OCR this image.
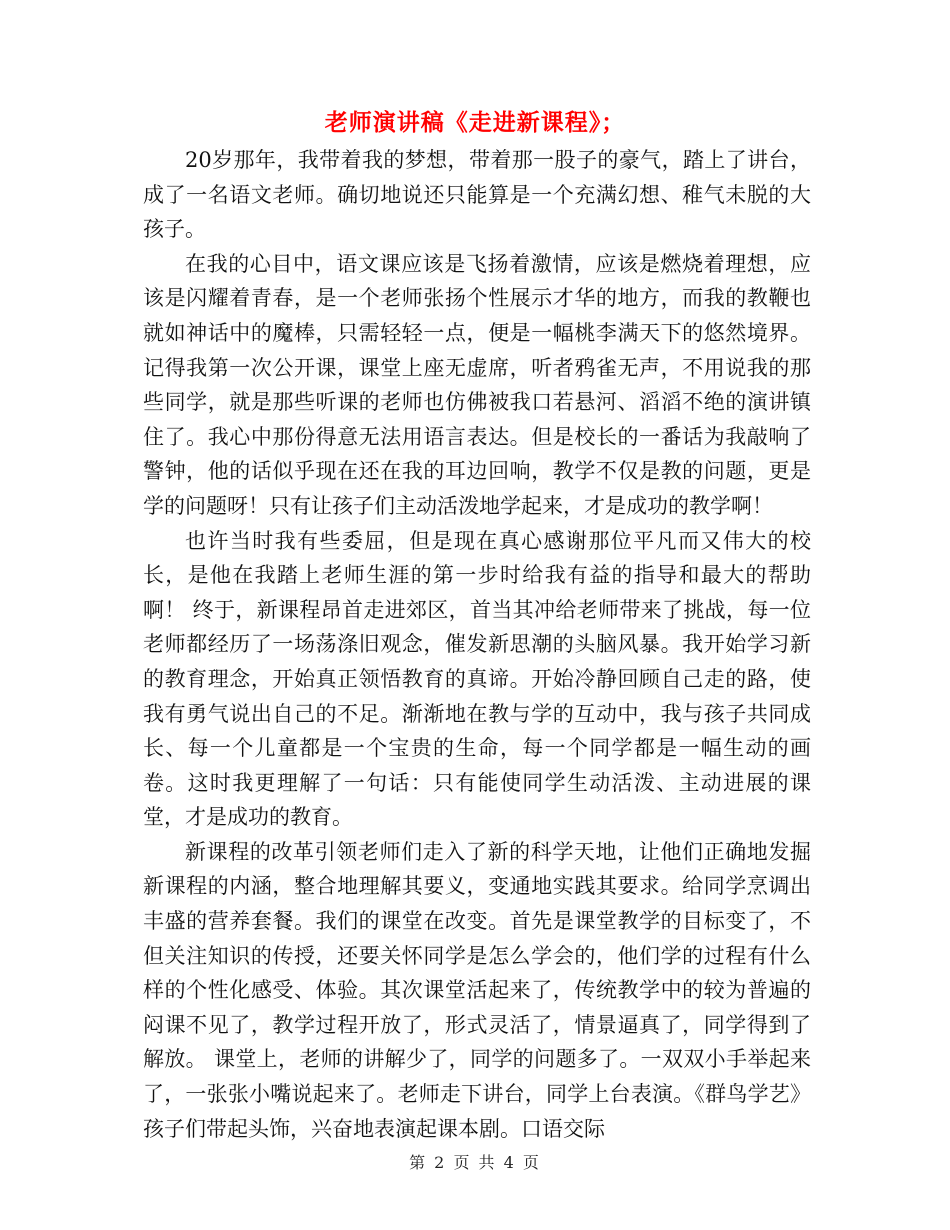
老师演讲稿《走进新课程》；

20岁那年，我带着我的梦想，带着那一股子的豪气，踏上了讲台，成了一名语文老师。确切地说还只能算是一个充满幻想、稚气未脱的大孩子。

在我的心目中，语文课应该是飞扬着激情，应该是燃烧着理想，应该是闪耀着青春，是一个老师张扬个性展示才华的地方，而我的教鞭也就如神话中的魔棒，只需轻轻一点，便是一幅桃李满天下的悠然境界。 记得我第一次公开课，课堂上座无虚席，听者鸦雀无声，不用说我的那些同学，就是那些听课的老师也仿佛被我口若悬河、滔滔不绝的演讲镇住了。我心中那份得意无法用语言表达。但是校长的一番话为我敲响了警钟，他的话似乎现在还在我的耳边回响，教学不仅是教的问题，更是学的问题呀！只有让孩子们主动活泼地学起来，才是成功的教学啊！

也许当时我有些委屈，但是现在真心感谢那位平凡而又伟大的校长，是他在我踏上老师生涯的第一步时给我有益的指导和最大的帮助啊！ 终于，新课程昂首走进郊区，首当其冲给老师带来了挑战，每一位老师都经历了一场荡涤旧观念，催发新思潮的头脑风暴。我开始学习新的教育理念，开始真正领悟教育的真谛。开始冷静回顾自己走的路，使我有勇气说出自己的不足。渐渐地在教与学的互动中，我与孩子共同成长、每一个儿童都是一个宝贵的生命，每一个同学都是一幅生动的画卷。这时我更理解了一句话：只有能使同学生动活泼、主动进展的课堂，才是成功的教育。

新课程的改革引领老师们走入了新的科学天地，让他们正确地发掘新课程的内涵，整合地理解其要义，变通地实践其要求。给同学烹调出丰盛的营养套餐。我们的课堂在改变。首先是课堂教学的目标变了，不但关注知识的传授，还要关怀同学是怎么学会的，他们学的过程有什么样的个性化感受、体验。其次课堂活起来了，传统教学中的较为普遍的闷课不见了，教学过程开放了，形式灵活了，情景逼真了，同学得到了解放。 课堂上，老师的讲解少了，同学的问题多了。一双双小手举起来了，一张张小嘴说起来了。老师走下讲台，同学上台表演。《群鸟学艺》孩子们带起头饰，兴奋地表演起课本剧。口语交际

第 2 页 共 4 页
